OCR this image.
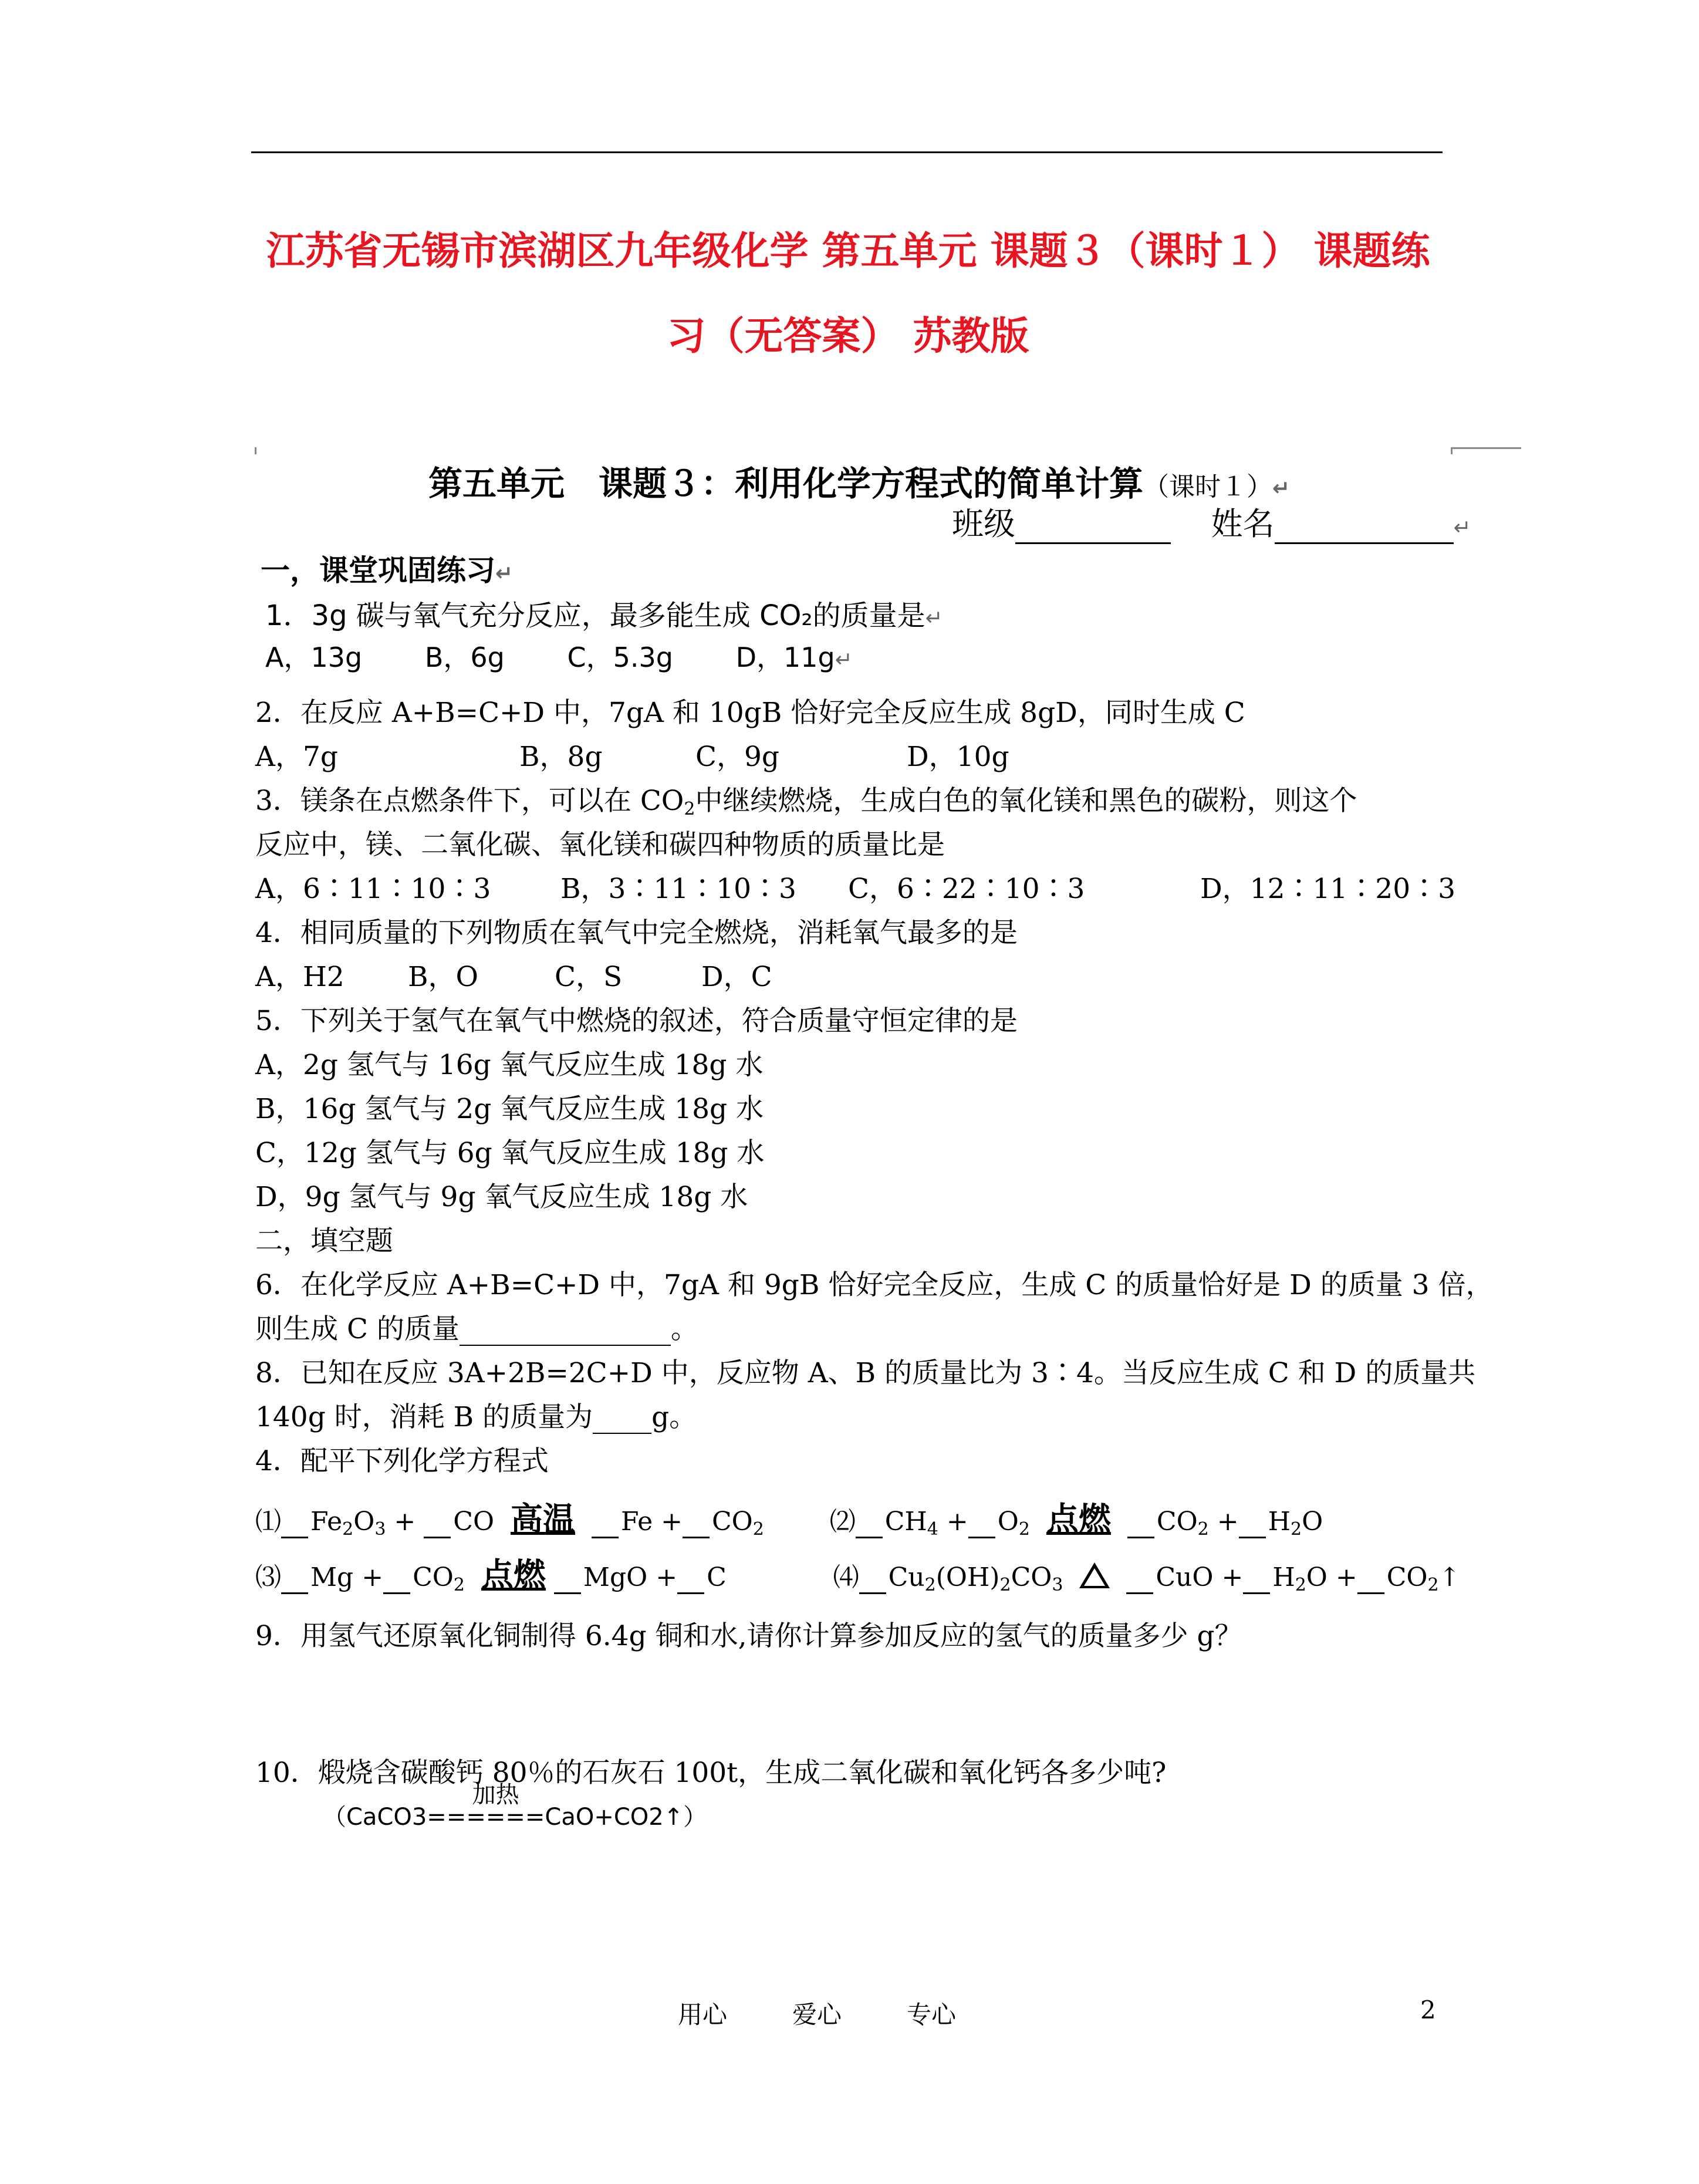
江苏省无锡市滨湖区九年级化学 第五单元 课题３（课时１） 课题练
习（无答案） 苏教版
第五单元　课题３：利用化学方程式的简单计算（课时１）↵
班级	姓名	↵
一，课堂巩固练习↵
1．3g 碳与氧气充分反应，最多能生成 CO₂的质量是↵
A，13g　　 B，6g　　 C，5.3g　　 D，11g↵
2．在反应 A+B=C+D 中，7gA 和 10gB 恰好完全反应生成 8gD，同时生成 C
A，7g	B，8g	C，9g	D，10g
3．镁条在点燃条件下，可以在 $CO_2$中继续燃烧，生成白色的氧化镁和黑色的碳粉，则这个
反应中，镁、二氧化碳、氧化镁和碳四种物质的质量比是
A，6∶11∶10∶3	B，3∶11∶10∶3 C，6∶22∶10∶3	D，12∶11∶20∶3
4．相同质量的下列物质在氧气中完全燃烧，消耗氧气最多的是
A，H2 B，O	C，S	D，C
5．下列关于氢气在氧气中燃烧的叙述，符合质量守恒定律的是
A，2g 氢气与 16g 氧气反应生成 18g 水
B，16g 氢气与 2g 氧气反应生成 18g 水
C，12g 氢气与 6g 氧气反应生成 18g 水
D，9g 氢气与 9g 氧气反应生成 18g 水
二，填空题
6．在化学反应 A+B=C+D 中，7gA 和 9gB 恰好完全反应，生成 C 的质量恰好是 D 的质量 3 倍，
则生成 C 的质量	。
8．已知在反应 3A+2B=2C+D 中，反应物 A、B 的质量比为 3∶4。当反应生成 C 和 D 的质量共
140g 时，消耗 B 的质量为 g。
4．配平下列化学方程式
⑴ $Fe_2O_3$ + CO  高温 $Fe + CO_2$	⑵ $CH_4 + O_2$ 点燃 $CO_2 + H_2O$
⑶ $Mg + CO_2$ 点燃 MgO + C             ⑷ $Cu_2(OH)_2CO_3$	CuO + $H_2O$ + $CO_2↑$
9．用氢气还原氧化铜制得 6.4g 铜和水,请你计算参加反应的氢气的质量多少 g？
10．煅烧含碳酸钙 80％的石灰石 100t，生成二氧化碳和氧化钙各多少吨?
（CaCO3=
加热
=====CaO+CO2↑）
用心	爱心	专心	2
